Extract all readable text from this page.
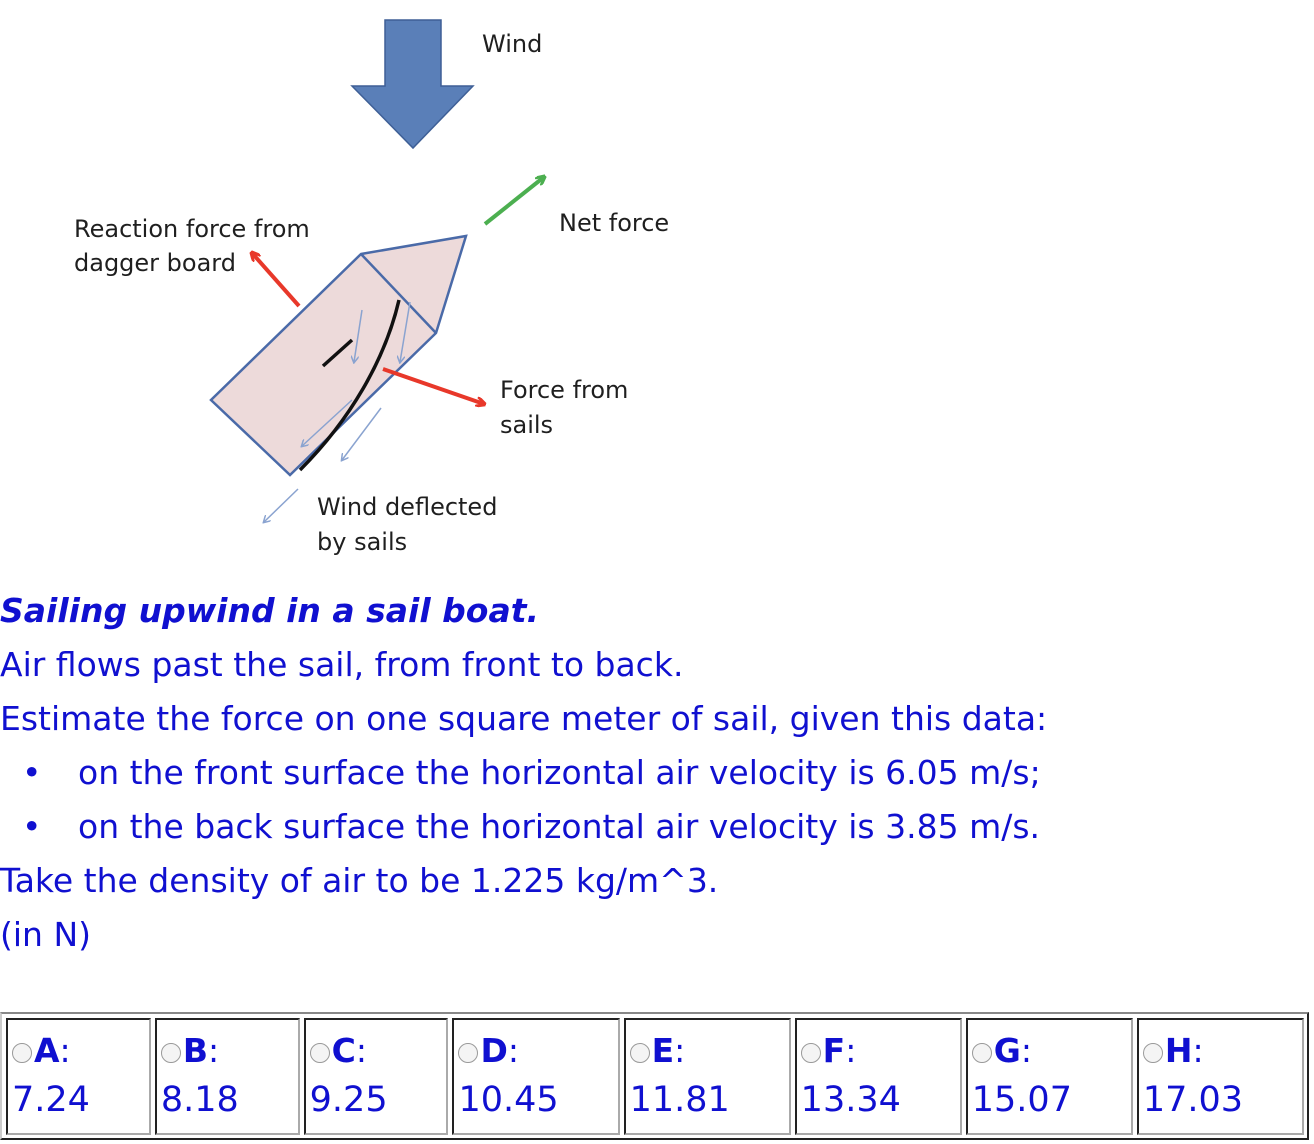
Wind
Net force
Reaction force from
dagger board
Force from
sails
Wind deflected
by sails
Sailing upwind in a sail boat.
Air flows past the sail, from front to back.
Estimate the force on one square meter of sail, given this data:
• on the front surface the horizontal air velocity is 6.05 m/s;
• on the back surface the horizontal air velocity is 3.85 m/s.
Take the density of air to be 1.225 kg/m^3.
(in N)
A :
7.24
B :
8.18
C :
9.25
D :
10.45
E :
11.81
F :
13.34
G :
15.07
H :
17.03
